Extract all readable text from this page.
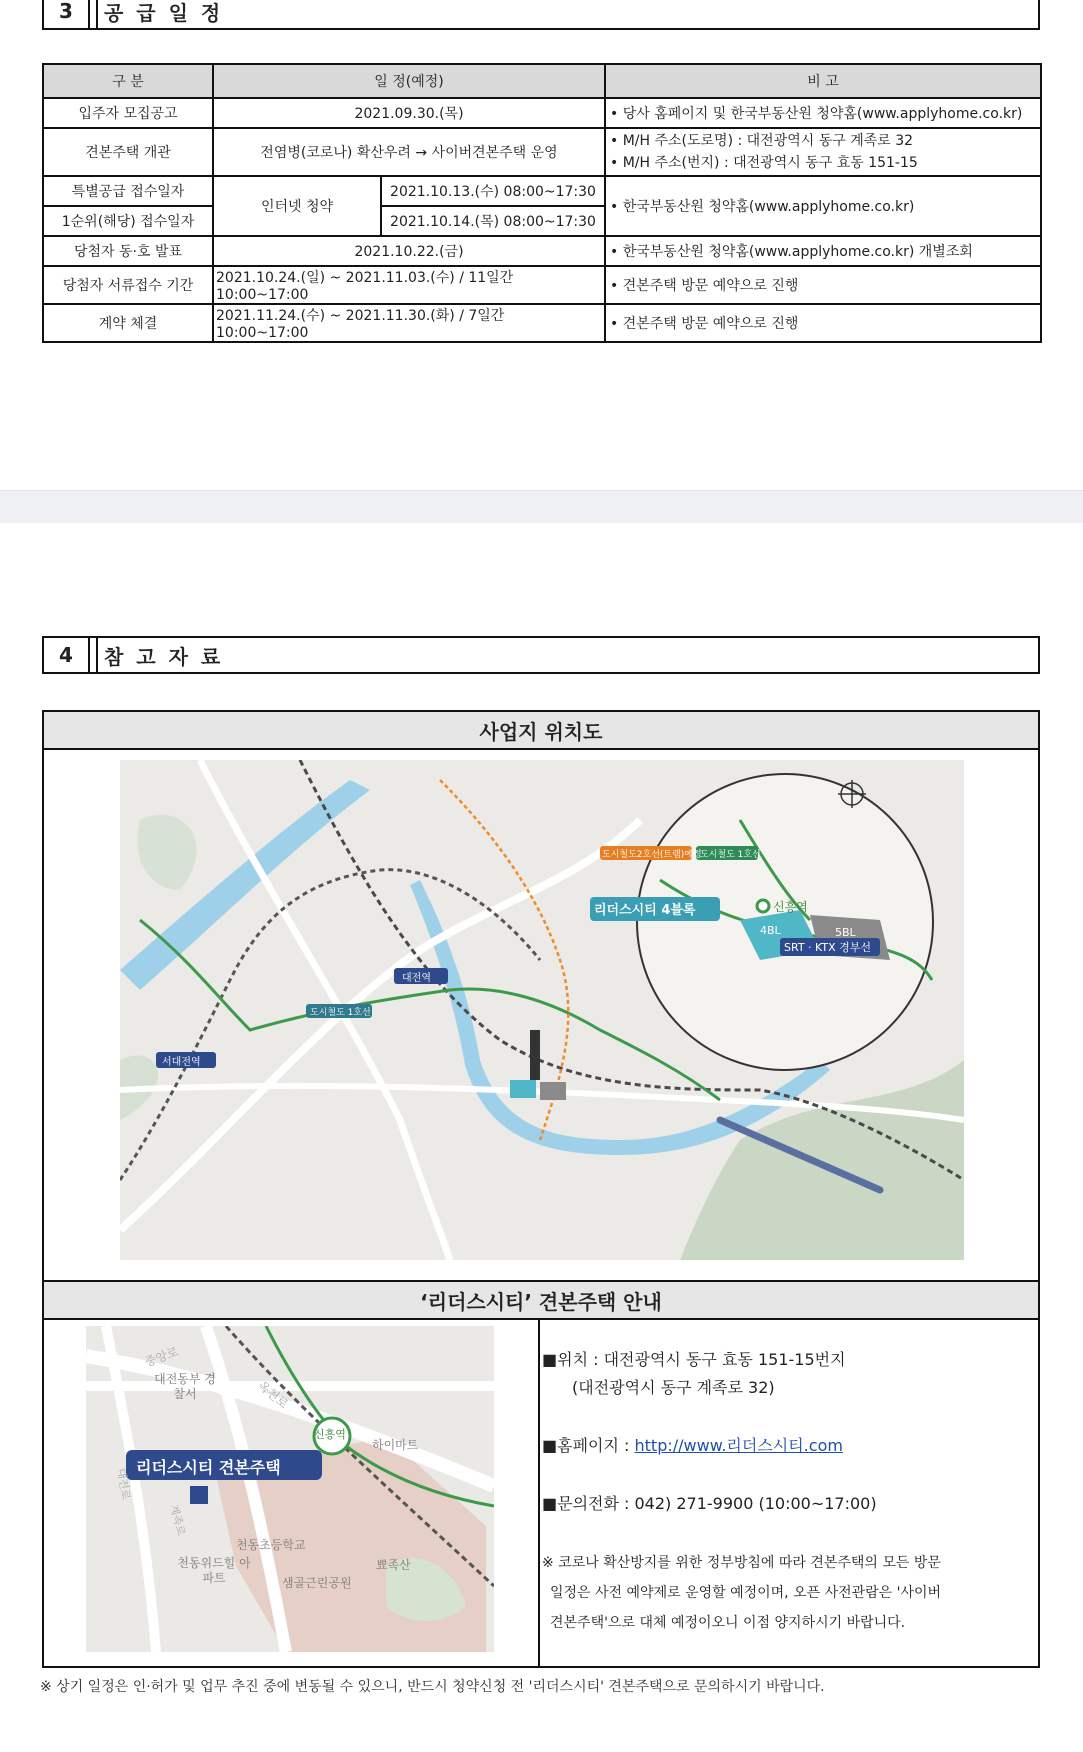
3	공 급 일 정
구 분	일 정(예정)		비 고
입주자 모집공고	2021.09.30.(목)		• 당사 홈페이지 및 한국부동산원 청약홈(www.applyhome.co.kr)
견본주택 개관	전염병(코로나) 확산우려 → 사이버견본주택 운영		• M/H 주소(도로명) : 대전광역시 동구 계족로 32
• M/H 주소(번지) : 대전광역시 동구 효동 151-15

특별공급 접수일자	인터넷 청약	2021.10.13.(수) 08:00~17:30	• 한국부동산원 청약홈(www.applyhome.co.kr)
1순위(해당) 접수일자		2021.10.14.(목) 08:00~17:30	
당첨자 동·호 발표	2021.10.22.(금)		• 한국부동산원 청약홈(www.applyhome.co.kr) 개별조회
당첨자 서류접수 기간	2021.10.24.(일) ~ 2021.11.03.(수) / 11일간 10:00~17:00		• 견본주택 방문 예약으로 진행
계약 체결	2021.11.24.(수) ~ 2021.11.30.(화) / 7일간 10:00~17:00		• 견본주택 방문 예약으로 진행
4	참 고 자 료
사업지 위치도
리더스시티 4블록
4BL	5BL
신흥역
SRT · KTX 경부선
도시철도2호선(트램)예정
도시철도 1호선
대전역
서대전역
도시철도 1호선
‘리더스시티’ 견본주택 안내
리더스시티 견본주택
신흥역
하이마트
천동초등학교
천동위드힐 아파트	샘골근린공원
뾰족산
대전동부 경찰서
중앙로
옥천로
대전로
계족로
■위치 : 대전광역시 동구 효동 151-15번지
(대전광역시 동구 계족로 32)
■홈페이지 : http://www.리더스시티.com
■문의전화 : 042) 271-9900 (10:00~17:00)
※ 코로나 확산방지를 위한 정부방침에 따라 견본주택의 모든 방문
일정은 사전 예약제로 운영할 예정이며, 오픈 사전관람은 '사이버
견본주택'으로 대체 예정이오니 이점 양지하시기 바랍니다.
※ 상기 일정은 인·허가 및 업무 추진 중에 변동될 수 있으니, 반드시 청약신청 전 '리더스시티' 견본주택으로 문의하시기 바랍니다.
